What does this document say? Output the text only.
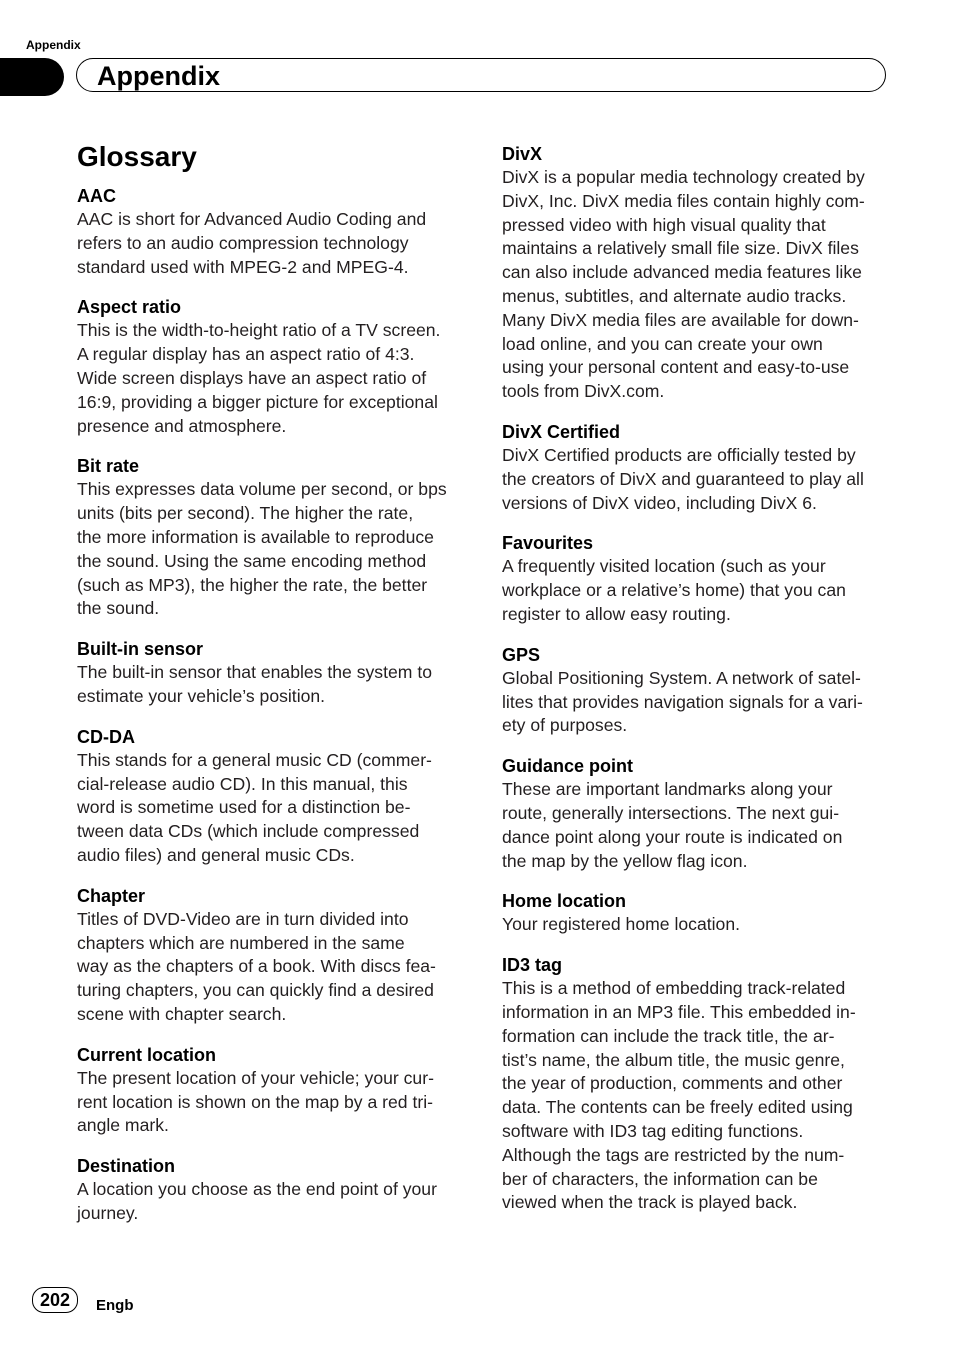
Appendix
Appendix
Glossary
AAC
AAC is short for Advanced Audio Coding and
refers to an audio compression technology
standard used with MPEG-2 and MPEG-4.
Aspect ratio
This is the width-to-height ratio of a TV screen.
A regular display has an aspect ratio of 4:3.
Wide screen displays have an aspect ratio of
16:9, providing a bigger picture for exceptional
presence and atmosphere.
Bit rate
This expresses data volume per second, or bps
units (bits per second). The higher the rate,
the more information is available to reproduce
the sound. Using the same encoding method
(such as MP3), the higher the rate, the better
the sound.
Built-in sensor
The built-in sensor that enables the system to
estimate your vehicle’s position.
CD-DA
This stands for a general music CD (commer-
cial-release audio CD). In this manual, this
word is sometime used for a distinction be-
tween data CDs (which include compressed
audio files) and general music CDs.
Chapter
Titles of DVD-Video are in turn divided into
chapters which are numbered in the same
way as the chapters of a book. With discs fea-
turing chapters, you can quickly find a desired
scene with chapter search.
Current location
The present location of your vehicle; your cur-
rent location is shown on the map by a red tri-
angle mark.
Destination
A location you choose as the end point of your
journey.
DivX
DivX is a popular media technology created by
DivX, Inc. DivX media files contain highly com-
pressed video with high visual quality that
maintains a relatively small file size. DivX files
can also include advanced media features like
menus, subtitles, and alternate audio tracks.
Many DivX media files are available for down-
load online, and you can create your own
using your personal content and easy-to-use
tools from DivX.com.
DivX Certified
DivX Certified products are officially tested by
the creators of DivX and guaranteed to play all
versions of DivX video, including DivX 6.
Favourites
A frequently visited location (such as your
workplace or a relative’s home) that you can
register to allow easy routing.
GPS
Global Positioning System. A network of satel-
lites that provides navigation signals for a vari-
ety of purposes.
Guidance point
These are important landmarks along your
route, generally intersections. The next gui-
dance point along your route is indicated on
the map by the yellow flag icon.
Home location
Your registered home location.
ID3 tag
This is a method of embedding track-related
information in an MP3 file. This embedded in-
formation can include the track title, the ar-
tist’s name, the album title, the music genre,
the year of production, comments and other
data. The contents can be freely edited using
software with ID3 tag editing functions.
Although the tags are restricted by the num-
ber of characters, the information can be
viewed when the track is played back.
202	Engb
